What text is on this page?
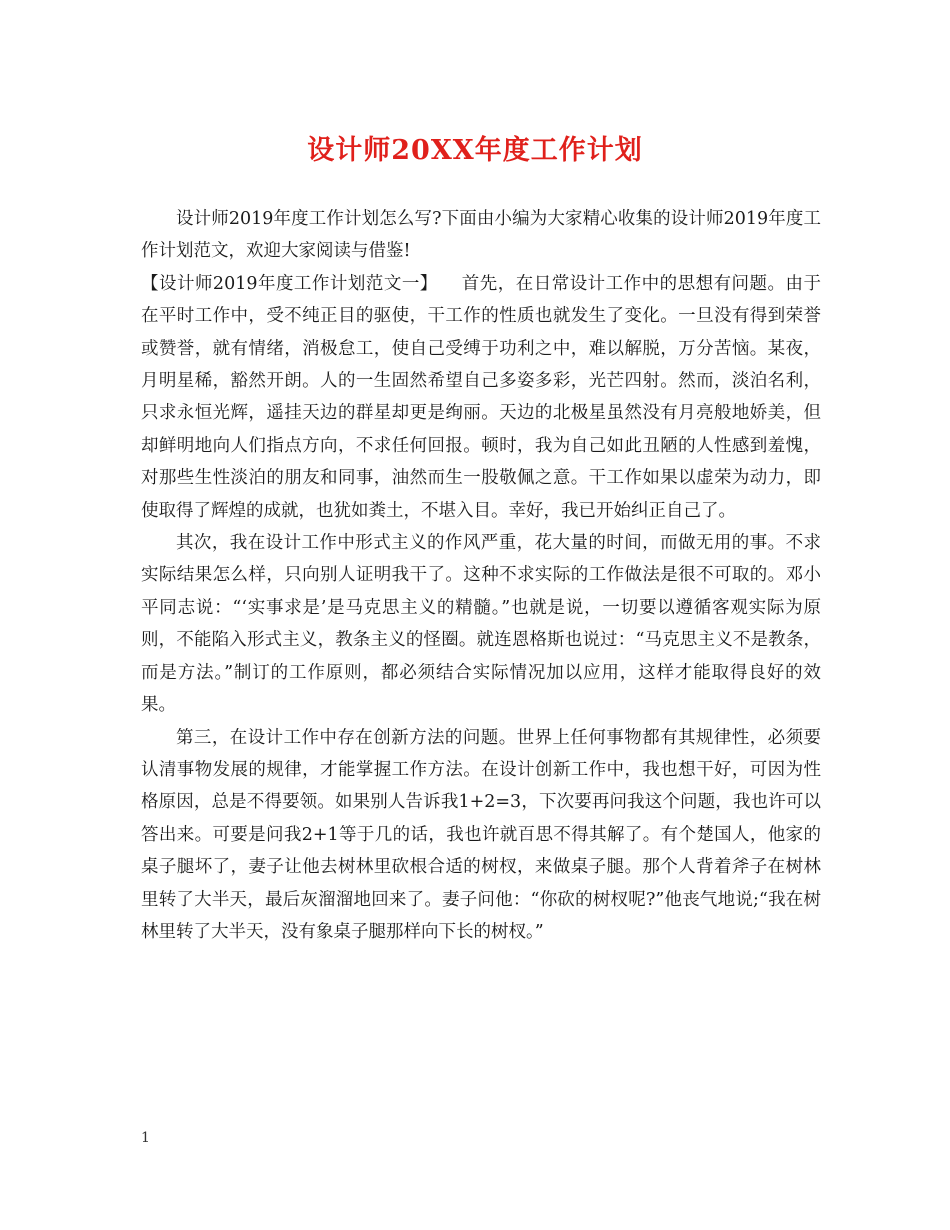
设计师20XX年度工作计划

设计师2019年度工作计划怎么写?下面由小编为大家精心收集的设计师2019年度工作计划范文，欢迎大家阅读与借鉴!

【设计师2019年度工作计划范文一】 首先，在日常设计工作中的思想有问题。由于在平时工作中，受不纯正目的驱使，干工作的性质也就发生了变化。一旦没有得到荣誉或赞誉，就有情绪，消极怠工，使自己受缚于功利之中，难以解脱，万分苦恼。某夜，月明星稀，豁然开朗。人的一生固然希望自己多姿多彩，光芒四射。然而，淡泊名利，只求永恒光辉，遥挂天边的群星却更是绚丽。天边的北极星虽然没有月亮般地娇美，但却鲜明地向人们指点方向，不求任何回报。顿时，我为自己如此丑陋的人性感到羞愧，对那些生性淡泊的朋友和同事，油然而生一股敬佩之意。干工作如果以虚荣为动力，即使取得了辉煌的成就，也犹如粪土，不堪入目。幸好，我已开始纠正自己了。

其次，我在设计工作中形式主义的作风严重，花大量的时间，而做无用的事。不求实际结果怎么样，只向别人证明我干了。这种不求实际的工作做法是很不可取的。邓小平同志说：“‘实事求是’是马克思主义的精髓。”也就是说，一切要以遵循客观实际为原则，不能陷入形式主义，教条主义的怪圈。就连恩格斯也说过：“马克思主义不是教条，而是方法。”制订的工作原则，都必须结合实际情况加以应用，这样才能取得良好的效果。

第三，在设计工作中存在创新方法的问题。世界上任何事物都有其规律性，必须要认清事物发展的规律，才能掌握工作方法。在设计创新工作中，我也想干好，可因为性格原因，总是不得要领。如果别人告诉我1+2=3，下次要再问我这个问题，我也许可以答出来。可要是问我2+1等于几的话，我也许就百思不得其解了。有个楚国人，他家的桌子腿坏了，妻子让他去树林里砍根合适的树杈，来做桌子腿。那个人背着斧子在树林里转了大半天，最后灰溜溜地回来了。妻子问他：“你砍的树杈呢?”他丧气地说;“我在树林里转了大半天，没有象桌子腿那样向下长的树杈。”

1
